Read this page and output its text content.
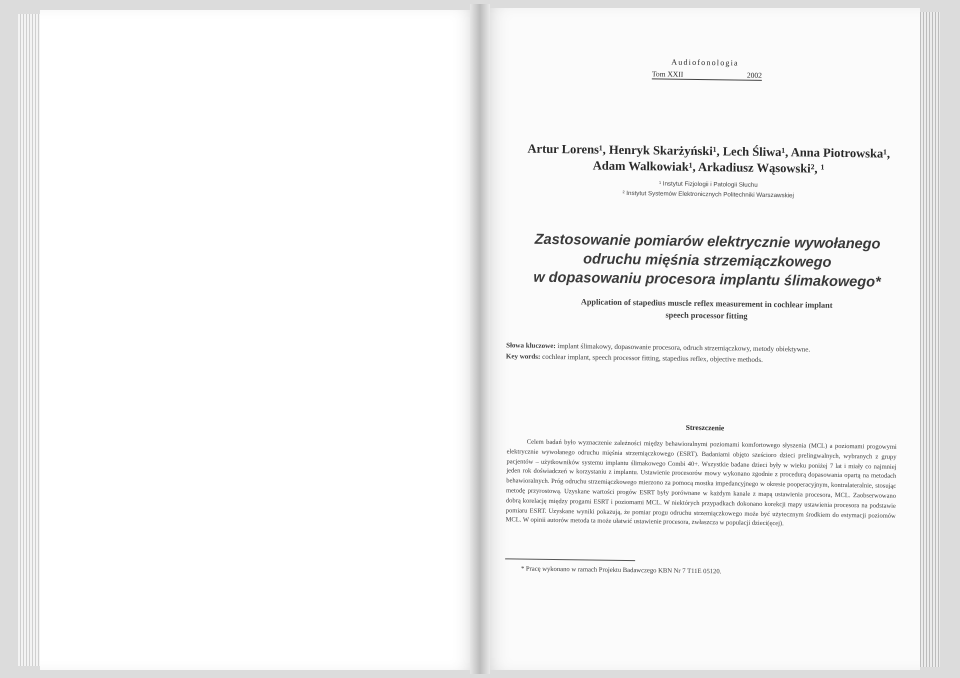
Audiofonologia
Tom XXII	2002
Artur Lorens¹, Henryk Skarżyński¹, Lech Śliwa¹, Anna Piotrowska¹,
Adam Walkowiak¹, Arkadiusz Wąsowski², ¹
¹ Instytut Fizjologii i Patologii Słuchu
² Instytut Systemów Elektronicznych Politechniki Warszawskiej
Zastosowanie pomiarów elektrycznie wywołanego
odruchu mięśnia strzemiączkowego
w dopasowaniu procesora implantu ślimakowego*
Application of stapedius muscle reflex measurement in cochlear implant
speech processor fitting
Słowa kluczowe: implant ślimakowy, dopasowanie procesora, odruch strzemiączkowy, metody obiektywne.
Key words: cochlear implant, speech processor fitting, stapedius reflex, objective methods.
Streszczenie
Celem badań było wyznaczenie zależności między behawioralnymi poziomami komfortowego słyszenia (MCL) a poziomami progowymi elektrycznie wywołanego odruchu mięśnia strzemiączkowego (ESRT). Badaniami objęto sześcioro dzieci prelingwalnych, wybranych z grupy pacjentów – użytkowników systemu implantu ślimakowego Combi 40+. Wszystkie badane dzieci były w wieku poniżej 7 lat i miały co najmniej jeden rok doświadczeń w korzystaniu z implantu. Ustawienie procesorów mowy wykonano zgodnie z procedurą dopasowania opartą na metodach behawioralnych. Próg odruchu strzemiączkowego mierzono za pomocą mostka impedancyjnego w okresie pooperacyjnym, kontralateralnie, stosując metodę przyrostową. Uzyskane wartości progów ESRT były porównane w każdym kanale z mapą ustawienia procesora, MCL. Zaobserwowano dobrą korelację między progami ESRT i poziomami MCL. W niektórych przypadkach dokonano korekcji mapy ustawienia procesora na podstawie pomiaru ESRT. Uzyskane wyniki pokazują, że pomiar progu odruchu strzemiączkowego może być użytecznym środkiem do estymacji poziomów MCL. W opinii autorów metoda ta może ułatwić ustawienie procesora, zwłaszcza w populacji dzieci(ęcej).
* Pracę wykonano w ramach Projektu Badawczego KBN Nr 7 T11E 05120.
